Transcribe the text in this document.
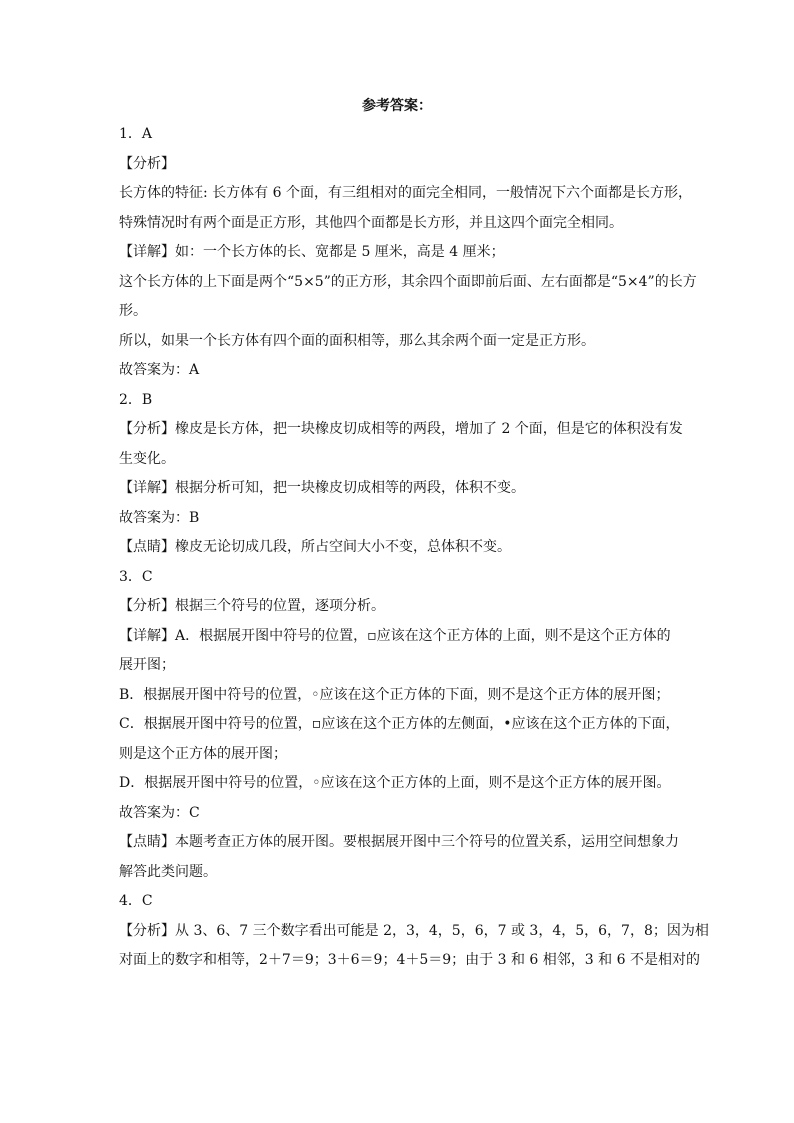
参考答案：
1．A
【分析】
长方体的特征: 长方体有 6 个面，有三组相对的面完全相同，一般情况下六个面都是长方形，
特殊情况时有两个面是正方形，其他四个面都是长方形，并且这四个面完全相同。
【详解】如：一个长方体的长、宽都是 5 厘米，高是 4 厘米；
这个长方体的上下面是两个“5×5”的正方形，其余四个面即前后面、左右面都是“5×4”的长方
形。
所以，如果一个长方体有四个面的面积相等，那么其余两个面一定是正方形。
故答案为：A
2．B
【分析】橡皮是长方体，把一块橡皮切成相等的两段，增加了 2 个面，但是它的体积没有发
生变化。
【详解】根据分析可知，把一块橡皮切成相等的两段，体积不变。
故答案为：B
【点睛】橡皮无论切成几段，所占空间大小不变，总体积不变。
3．C
【分析】根据三个符号的位置，逐项分析。
【详解】A．根据展开图中符号的位置，▫应该在这个正方体的上面，则不是这个正方体的
展开图；
B．根据展开图中符号的位置，◦应该在这个正方体的下面，则不是这个正方体的展开图；
C．根据展开图中符号的位置，▫应该在这个正方体的左侧面，•应该在这个正方体的下面，
则是这个正方体的展开图；
D．根据展开图中符号的位置，◦应该在这个正方体的上面，则不是这个正方体的展开图。
故答案为：C
【点睛】本题考查正方体的展开图。要根据展开图中三个符号的位置关系，运用空间想象力
解答此类问题。
4．C
【分析】从 3、6、7 三个数字看出可能是 2，3，4，5，6，7 或 3，4，5，6，7，8；因为相
对面上的数字和相等，2＋7＝9；3＋6＝9；4＋5＝9；由于 3 和 6 相邻，3 和 6 不是相对的
